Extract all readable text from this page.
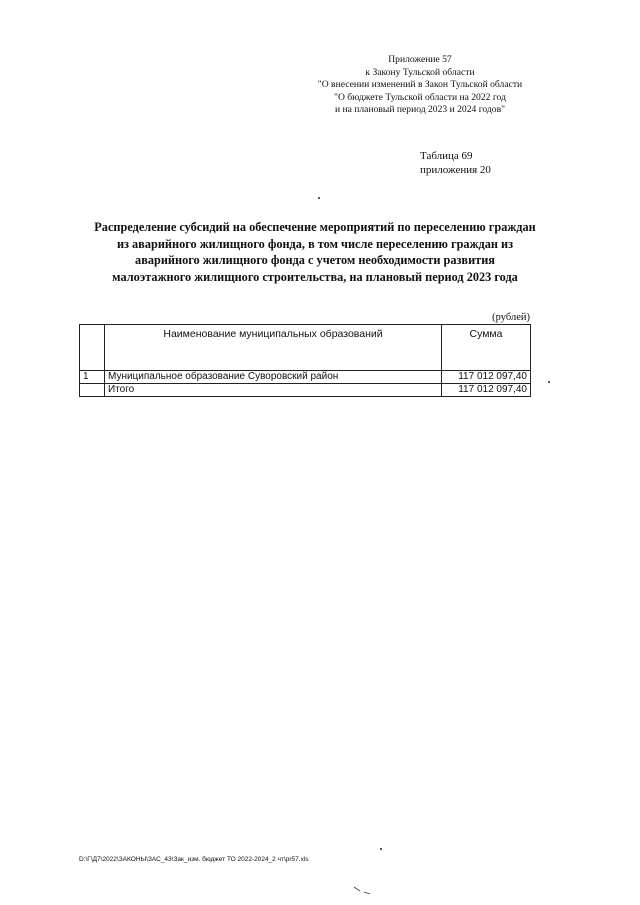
Приложение 57
к Закону Тульской области
"О внесении изменений в Закон Тульской области
"О бюджете Тульской области на 2022 год
и на плановый период 2023 и 2024 годов"
Таблица 69
приложения 20
Распределение субсидий на обеспечение мероприятий по переселению граждан
из аварийного жилищного фонда, в том числе переселению граждан из
аварийного жилищного фонда с учетом необходимости развития
малоэтажного жилищного строительства, на плановый период 2023 года
(рублей)
	Наименование муниципальных образований	Сумма
1	Муниципальное образование Суворовский район	117 012 097,40
	Итого	117 012 097,40
D:\Г\Д7\2022\ЗАКОНЫ\ЗАС_43\Зак_изм. бюджет ТО 2022-2024_2 чт\pr57.xls
